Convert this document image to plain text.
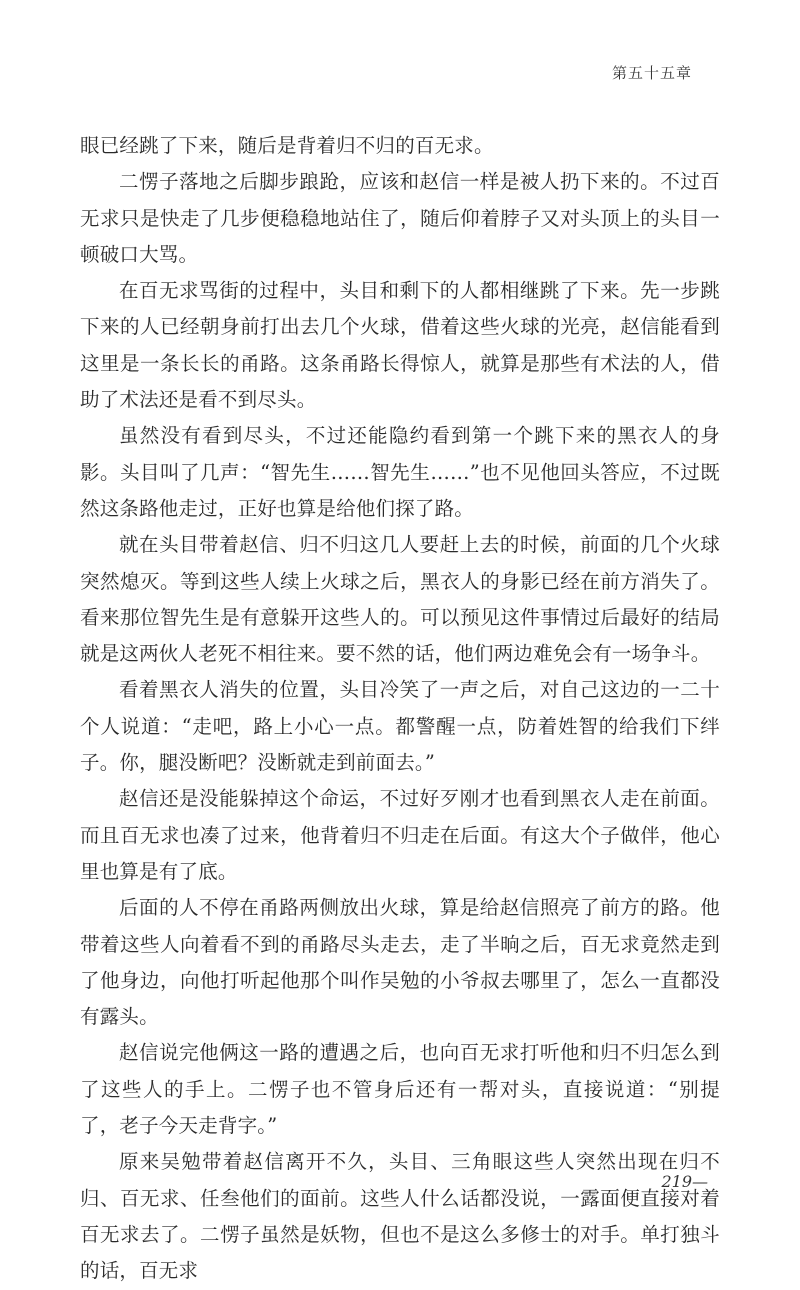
第五十五章

眼已经跳了下来，随后是背着归不归的百无求。

二愣子落地之后脚步踉跄，应该和赵信一样是被人扔下来的。不过百无求只是快走了几步便稳稳地站住了，随后仰着脖子又对头顶上的头目一顿破口大骂。

在百无求骂街的过程中，头目和剩下的人都相继跳了下来。先一步跳下来的人已经朝身前打出去几个火球，借着这些火球的光亮，赵信能看到这里是一条长长的甬路。这条甬路长得惊人，就算是那些有术法的人，借助了术法还是看不到尽头。

虽然没有看到尽头，不过还能隐约看到第一个跳下来的黑衣人的身影。头目叫了几声：“智先生……智先生……”也不见他回头答应，不过既然这条路他走过，正好也算是给他们探了路。

就在头目带着赵信、归不归这几人要赶上去的时候，前面的几个火球突然熄灭。等到这些人续上火球之后，黑衣人的身影已经在前方消失了。看来那位智先生是有意躲开这些人的。可以预见这件事情过后最好的结局就是这两伙人老死不相往来。要不然的话，他们两边难免会有一场争斗。

看着黑衣人消失的位置，头目冷笑了一声之后，对自己这边的一二十个人说道：“走吧，路上小心一点。都警醒一点，防着姓智的给我们下绊子。你，腿没断吧？没断就走到前面去。”

赵信还是没能躲掉这个命运，不过好歹刚才也看到黑衣人走在前面。而且百无求也凑了过来，他背着归不归走在后面。有这大个子做伴，他心里也算是有了底。

后面的人不停在甬路两侧放出火球，算是给赵信照亮了前方的路。他带着这些人向着看不到的甬路尽头走去，走了半晌之后，百无求竟然走到了他身边，向他打听起他那个叫作吴勉的小爷叔去哪里了，怎么一直都没有露头。

赵信说完他俩这一路的遭遇之后，也向百无求打听他和归不归怎么到了这些人的手上。二愣子也不管身后还有一帮对头，直接说道：“别提了，老子今天走背字。”

原来吴勉带着赵信离开不久，头目、三角眼这些人突然出现在归不归、百无求、任叁他们的面前。这些人什么话都没说，一露面便直接对着百无求去了。二愣子虽然是妖物，但也不是这么多修士的对手。单打独斗的话，百无求

219—
